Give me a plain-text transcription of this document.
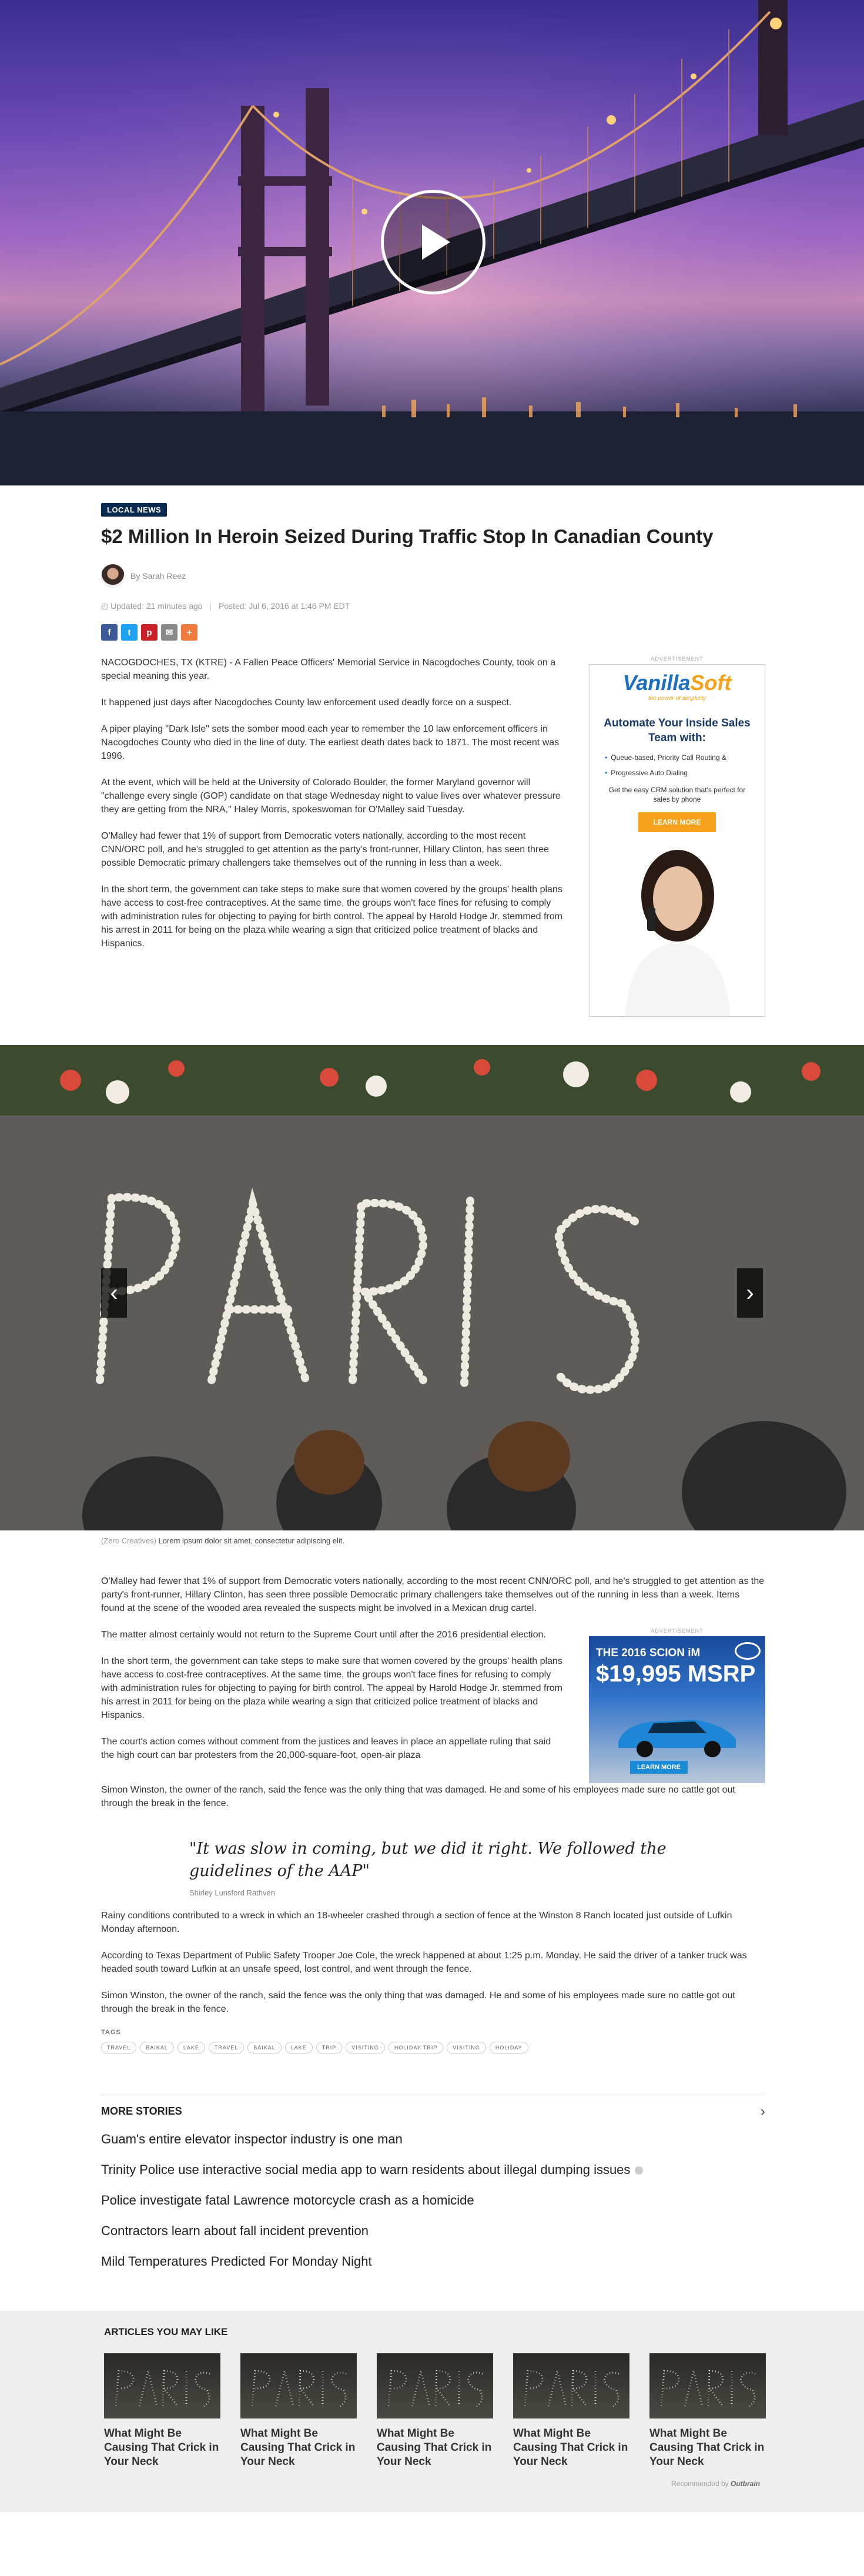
LOCAL NEWS
$2 Million In Heroin Seized During Traffic Stop In Canadian County
By Sarah Reez
◴ Updated: 21 minutes ago | Posted: Jul 6, 2016 at 1:46 PM EDT
f	t	p	✉	+

NACOGDOCHES, TX (KTRE) - A Fallen Peace Officers' Memorial Service in Nacogdoches County, took on a special meaning this year.

It happened just days after Nacogdoches County law enforcement used deadly force on a suspect.

A piper playing "Dark Isle" sets the somber mood each year to remember the 10 law enforcement officers in Nacogdoches County who died in the line of duty. The earliest death dates back to 1871. The most recent was 1996.

At the event, which will be held at the University of Colorado Boulder, the former Maryland governor will "challenge every single (GOP) candidate on that stage Wednesday night to value lives over whatever pressure they are getting from the NRA," Haley Morris, spokeswoman for O'Malley said Tuesday.

O'Malley had fewer that 1% of support from Democratic voters nationally, according to the most recent CNN/ORC poll, and he's struggled to get attention as the party's front-runner, Hillary Clinton, has seen three possible Democratic primary challengers take themselves out of the running in less than a week.

In the short term, the government can take steps to make sure that women covered by the groups' health plans have access to cost-free contraceptives. At the same time, the groups won't face fines for refusing to comply with administration rules for objecting to paying for birth control. The appeal by Harold Hodge Jr. stemmed from his arrest in 2011 for being on the plaza while wearing a sign that criticized police treatment of blacks and Hispanics.

ADVERTISEMENT
VanillaSoft
the power of simplicity
Automate Your Inside Sales Team with:
• Queue-based, Priority Call Routing &
• Progressive Auto Dialing
Get the easy CRM solution that's perfect for sales by phone
LEARN MORE
‹	›
(Zero Creatives) Lorem ipsum dolor sit amet, consectetur adipiscing elit.

O'Malley had fewer that 1% of support from Democratic voters nationally, according to the most recent CNN/ORC poll, and he's struggled to get attention as the party's front-runner, Hillary Clinton, has seen three possible Democratic primary challengers take themselves out of the running in less than a week. Items found at the scene of the wooded area revealed the suspects might be involved in a Mexican drug cartel.

The matter almost certainly would not return to the Supreme Court until after the 2016 presidential election.

In the short term, the government can take steps to make sure that women covered by the groups' health plans have access to cost-free contraceptives. At the same time, the groups won't face fines for refusing to comply with administration rules for objecting to paying for birth control. The appeal by Harold Hodge Jr. stemmed from his arrest in 2011 for being on the plaza while wearing a sign that criticized police treatment of blacks and Hispanics.

The court's action comes without comment from the justices and leaves in place an appellate ruling that said the high court can bar protesters from the 20,000-square-foot, open-air plaza

ADVERTISEMENT
THE 2016 SCION iM
$19,995 MSRP
LEARN MORE

Simon Winston, the owner of the ranch, said the fence was the only thing that was damaged. He and some of his employees made sure no cattle got out through the break in the fence.

"It was slow in coming, but we did it right. We followed the guidelines of the AAP"
Shirley Lunsford Rathven

Rainy conditions contributed to a wreck in which an 18-wheeler crashed through a section of fence at the Winston 8 Ranch located just outside of Lufkin Monday afternoon.

According to Texas Department of Public Safety Trooper Joe Cole, the wreck happened at about 1:25 p.m. Monday. He said the driver of a tanker truck was headed south toward Lufkin at an unsafe speed, lost control, and went through the fence.

Simon Winston, the owner of the ranch, said the fence was the only thing that was damaged. He and some of his employees made sure no cattle got out through the break in the fence.

TAGS
TRAVEL	BAIKAL	LAKE	TRAVEL	BAIKAL	LAKE	TRIP	VISITING	HOLIDAY TRIP	VISITING	HOLIDAY
MORE STORIES	›
Guam's entire elevator inspector industry is one man
Trinity Police use interactive social media app to warn residents about illegal dumping issues
Police investigate fatal Lawrence motorcycle crash as a homicide
Contractors learn about fall incident prevention
Mild Temperatures Predicted For Monday Night
ARTICLES YOU MAY LIKE
What Might Be Causing That Crick in Your Neck
What Might Be Causing That Crick in Your Neck
What Might Be Causing That Crick in Your Neck
What Might Be Causing That Crick in Your Neck
What Might Be Causing That Crick in Your Neck
Recommended by Outbrain
